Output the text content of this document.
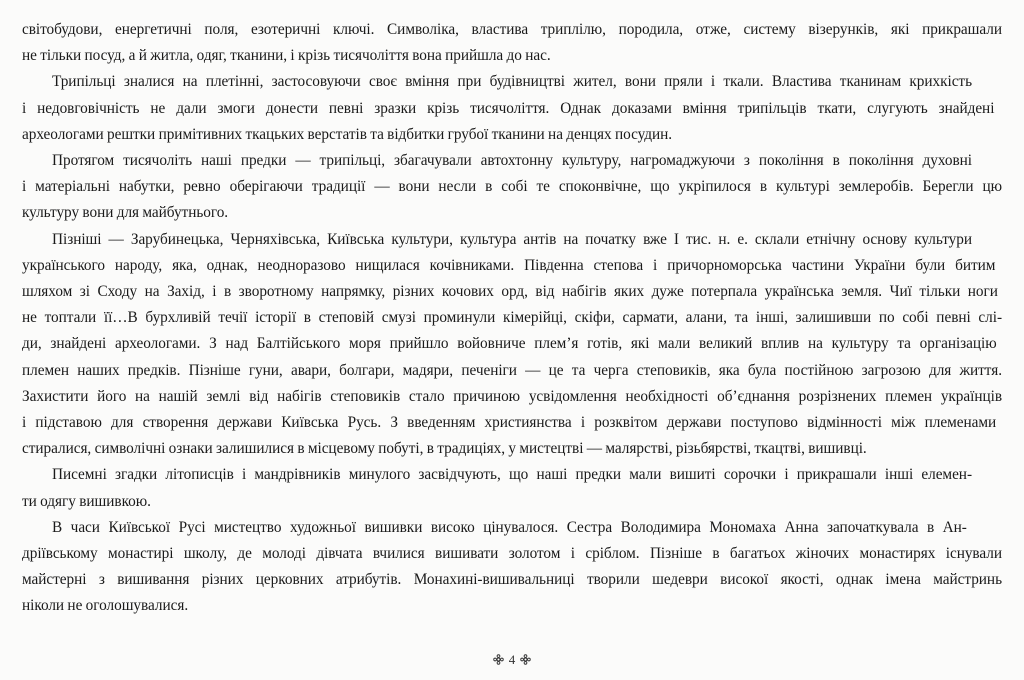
світобудови, енергетичні поля, езотеричні ключі. Символіка, властива триплілю, породила, отже, систему візерунків, які прикрашали
не тільки посуд, а й житла, одяг, тканини, і крізь тисячоліття вона прийшла до нас.
Трипільці зналися на плетінні, застосовуючи своє вміння при будівництві жител, вони пряли і ткали. Властива тканинам крихкість
і недовговічність не дали змоги донести певні зразки крізь тисячоліття. Однак доказами вміння трипільців ткати, слугують знайдені
археологами рештки примітивних ткацьких верстатів та відбитки грубої тканини на денцях посудин.
Протягом тисячоліть наші предки — трипільці, збагачували автохтонну культуру, нагромаджуючи з покоління в покоління духовні
і матеріальні набутки, ревно оберігаючи традиції — вони несли в собі те споконвічне, що укріпилося в культурі землеробів. Берегли цю
культуру вони для майбутнього.
Пізніші — Зарубинецька, Черняхівська, Київська культури, культура антів на початку вже I тис. н. е. склали етнічну основу культури
українського народу, яка, однак, неодноразово нищилася кочівниками. Південна степова і причорноморська частини України були битим
шляхом зі Сходу на Захід, і в зворотному напрямку, різних кочових орд, від набігів яких дуже потерпала українська земля. Чиї тільки ноги
не топтали її…В бурхливій течії історії в степовій смузі проминули кімерійці, скіфи, сармати, алани, та інші, залишивши по собі певні слі-
ди, знайдені археологами. З над Балтійського моря прийшло войовниче плем’я готів, які мали великий вплив на культуру та організацію
племен наших предків. Пізніше гуни, авари, болгари, мадяри, печеніги — це та черга степовиків, яка була постійною загрозою для життя.
Захистити його на нашій землі від набігів степовиків стало причиною усвідомлення необхідності об’єднання розрізнених племен українців
і підставою для створення держави Київська Русь. З введенням християнства і розквітом держави поступово відмінності між племенами
стиралися, символічні ознаки залишилися в місцевому побуті, в традиціях, у мистецтві — малярстві, різьбярстві, ткацтві, вишивці.
Писемні згадки літописців і мандрівників минулого засвідчують, що наші предки мали вишиті сорочки і прикрашали інші елемен-
ти одягу вишивкою.
В часи Київської Русі мистецтво художньої вишивки високо цінувалося. Сестра Володимира Мономаха Анна започаткувала в Ан-
дріївському монастирі школу, де молоді дівчата вчилися вишивати золотом і сріблом. Пізніше в багатьох жіночих монастирях існували
майстерні з вишивання різних церковних атрибутів. Монахині-вишивальниці творили шедеври високої якості, однак імена майстринь
ніколи не оголошувалися.
4
